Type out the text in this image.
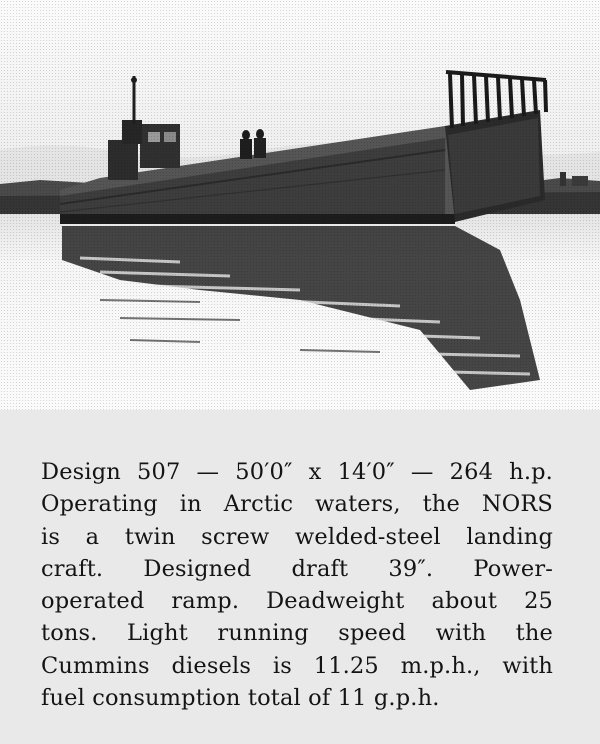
Design 507 — 50′0″ x 14′0″ — 264 h.p.
Operating in Arctic waters, the NORS
is a twin screw welded-steel landing
craft. Designed draft 39″. Power-
operated ramp. Deadweight about 25
tons. Light running speed with the
Cummins diesels is 11.25 m.p.h., with
fuel consumption total of 11 g.p.h.
